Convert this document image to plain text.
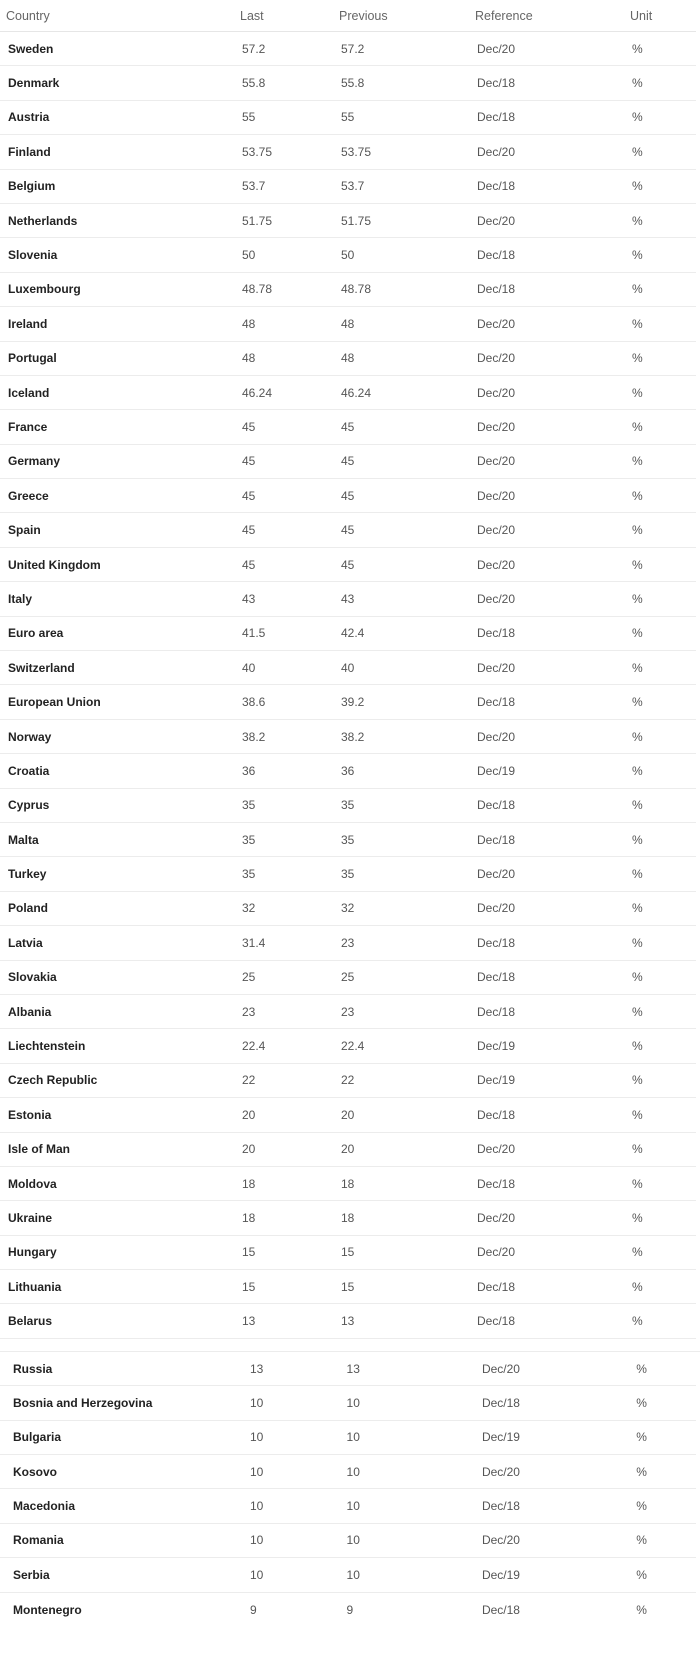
Country	Last	Previous	Reference	Unit
Sweden	57.2	57.2	Dec/20	%
Denmark	55.8	55.8	Dec/18	%
Austria	55	55	Dec/18	%
Finland	53.75	53.75	Dec/20	%
Belgium	53.7	53.7	Dec/18	%
Netherlands	51.75	51.75	Dec/20	%
Slovenia	50	50	Dec/18	%
Luxembourg	48.78	48.78	Dec/18	%
Ireland	48	48	Dec/20	%
Portugal	48	48	Dec/20	%
Iceland	46.24	46.24	Dec/20	%
France	45	45	Dec/20	%
Germany	45	45	Dec/20	%
Greece	45	45	Dec/20	%
Spain	45	45	Dec/20	%
United Kingdom	45	45	Dec/20	%
Italy	43	43	Dec/20	%
Euro area	41.5	42.4	Dec/18	%
Switzerland	40	40	Dec/20	%
European Union	38.6	39.2	Dec/18	%
Norway	38.2	38.2	Dec/20	%
Croatia	36	36	Dec/19	%
Cyprus	35	35	Dec/18	%
Malta	35	35	Dec/18	%
Turkey	35	35	Dec/20	%
Poland	32	32	Dec/20	%
Latvia	31.4	23	Dec/18	%
Slovakia	25	25	Dec/18	%
Albania	23	23	Dec/18	%
Liechtenstein	22.4	22.4	Dec/19	%
Czech Republic	22	22	Dec/19	%
Estonia	20	20	Dec/18	%
Isle of Man	20	20	Dec/20	%
Moldova	18	18	Dec/18	%
Ukraine	18	18	Dec/20	%
Hungary	15	15	Dec/20	%
Lithuania	15	15	Dec/18	%
Belarus	13	13	Dec/18	%
Russia	13	13	Dec/20	%
Bosnia and Herzegovina	10	10	Dec/18	%
Bulgaria	10	10	Dec/19	%
Kosovo	10	10	Dec/20	%
Macedonia	10	10	Dec/18	%
Romania	10	10	Dec/20	%
Serbia	10	10	Dec/19	%
Montenegro	9	9	Dec/18	%
